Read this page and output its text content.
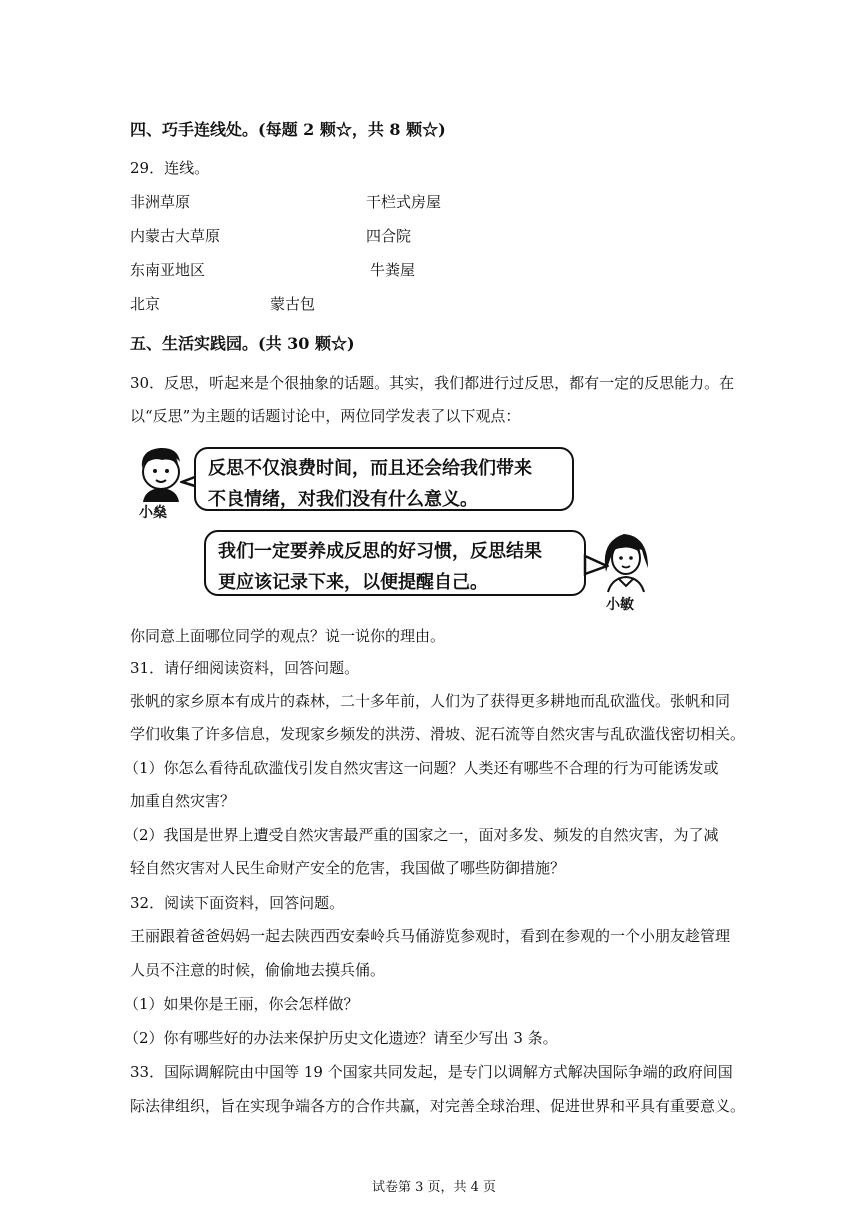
四、巧手连线处。(每题 2 颗☆，共 8 颗☆)
29．连线。
非洲草原
内蒙古大草原
东南亚地区
北京
干栏式房屋
四合院
牛粪屋
蒙古包
五、生活实践园。(共 30 颗☆)
30．反思，听起来是个很抽象的话题。其实，我们都进行过反思，都有一定的反思能力。在
以“反思”为主题的话题讨论中，两位同学发表了以下观点：
小燊
反思不仅浪费时间，而且还会给我们带来
不良情绪，对我们没有什么意义。
我们一定要养成反思的好习惯，反思结果
更应该记录下来，以便提醒自己。
小敏
你同意上面哪位同学的观点？说一说你的理由。
31．请仔细阅读资料，回答问题。
张帆的家乡原本有成片的森林，二十多年前，人们为了获得更多耕地而乱砍滥伐。张帆和同
学们收集了许多信息，发现家乡频发的洪涝、滑坡、泥石流等自然灾害与乱砍滥伐密切相关。
（1）你怎么看待乱砍滥伐引发自然灾害这一问题？人类还有哪些不合理的行为可能诱发或
加重自然灾害？
（2）我国是世界上遭受自然灾害最严重的国家之一，面对多发、频发的自然灾害，为了减
轻自然灾害对人民生命财产安全的危害，我国做了哪些防御措施？
32．阅读下面资料，回答问题。
王丽跟着爸爸妈妈一起去陕西西安秦岭兵马俑游览参观时，看到在参观的一个小朋友趁管理
人员不注意的时候，偷偷地去摸兵俑。
（1）如果你是王丽，你会怎样做？
（2）你有哪些好的办法来保护历史文化遗迹？请至少写出 3 条。
33．国际调解院由中国等 19 个国家共同发起，是专门以调解方式解决国际争端的政府间国
际法律组织，旨在实现争端各方的合作共赢，对完善全球治理、促进世界和平具有重要意义。
试卷第 3 页，共 4 页
